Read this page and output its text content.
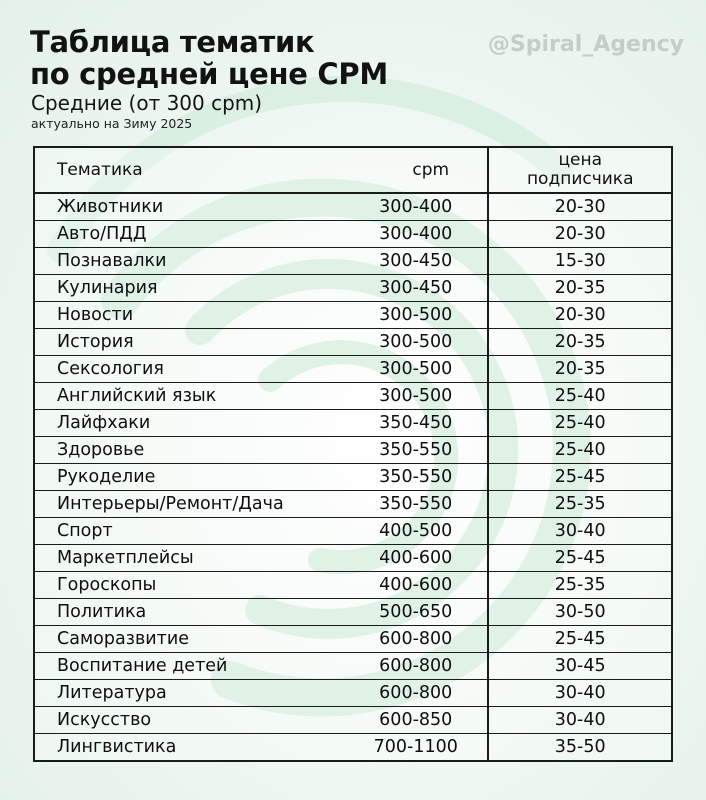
@Spiral_Agency
Таблица тематик
по средней цене CPM
Средние (от 300 cpm)
актуально на Зиму 2025
Тематика	cpm	цена
подписчика

Животники	300-400	20-30
Авто/ПДД	300-400	20-30
Познавалки	300-450	15-30
Кулинария	300-450	20-35
Новости	300-500	20-30
История	300-500	20-35
Сексология	300-500	20-35
Английский язык	300-500	25-40
Лайфхаки	350-450	25-40
Здоровье	350-550	25-40
Рукоделие	350-550	25-45
Интерьеры/Ремонт/Дача	350-550	25-35
Спорт	400-500	30-40
Маркетплейсы	400-600	25-45
Гороскопы	400-600	25-35
Политика	500-650	30-50
Саморазвитие	600-800	25-45
Воспитание детей	600-800	30-45
Литература	600-800	30-40
Искусство	600-850	30-40
Лингвистика	700-1100	35-50
